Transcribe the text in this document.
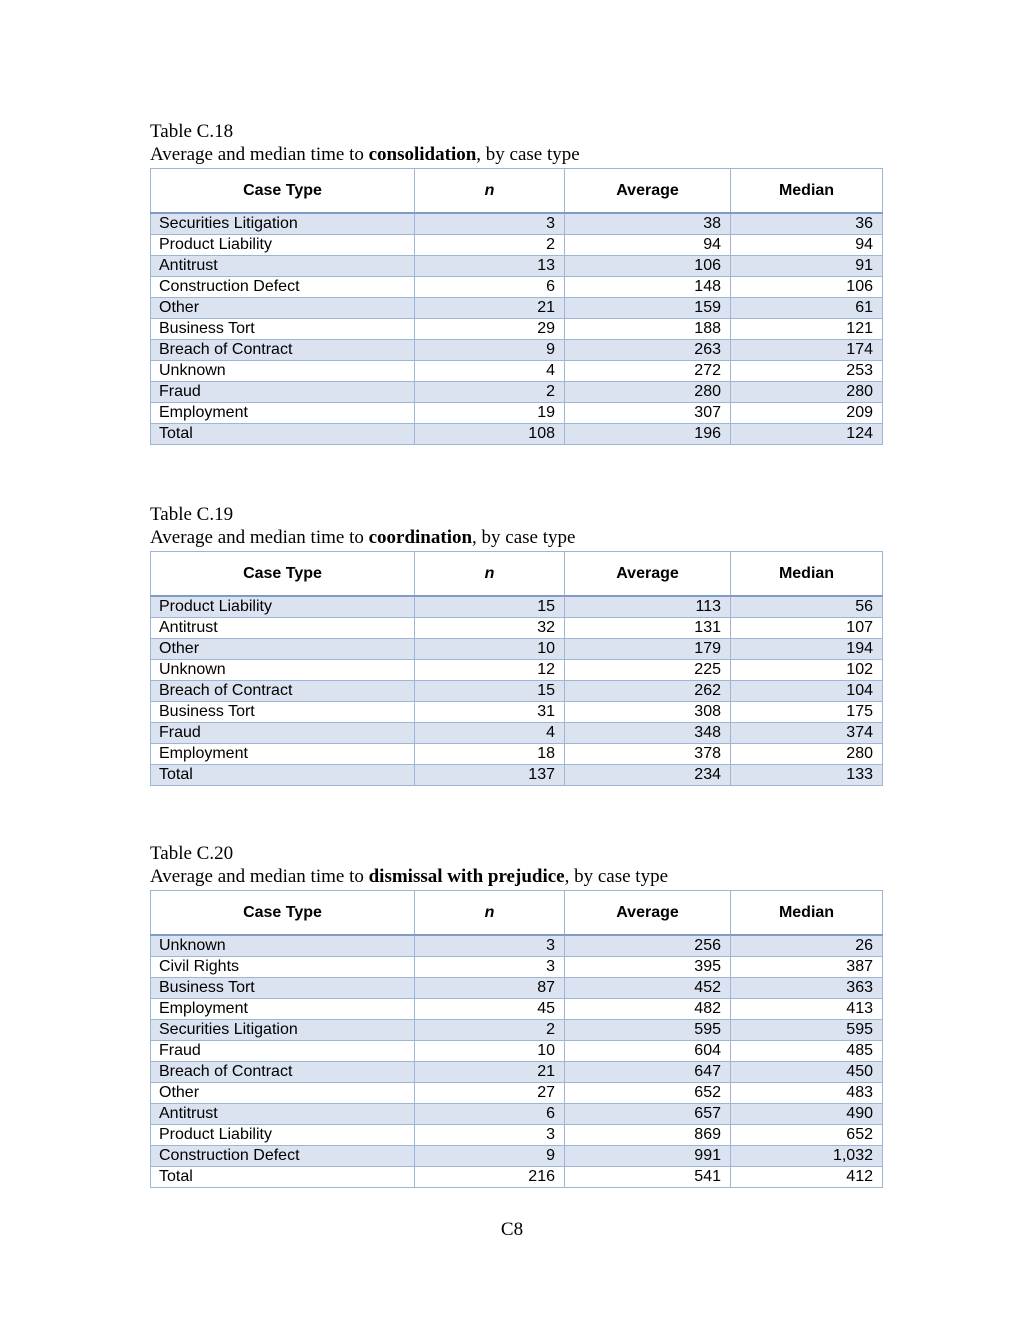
Table C.18

Average and median time to consolidation, by case type

Case Type	n	Average	Median
Securities Litigation	3	38	36
Product Liability	2	94	94
Antitrust	13	106	91
Construction Defect	6	148	106
Other	21	159	61
Business Tort	29	188	121
Breach of Contract	9	263	174
Unknown	4	272	253
Fraud	2	280	280
Employment	19	307	209
Total	108	196	124

Table C.19

Average and median time to coordination, by case type

Case Type	n	Average	Median
Product Liability	15	113	56
Antitrust	32	131	107
Other	10	179	194
Unknown	12	225	102
Breach of Contract	15	262	104
Business Tort	31	308	175
Fraud	4	348	374
Employment	18	378	280
Total	137	234	133

Table C.20

Average and median time to dismissal with prejudice, by case type

Case Type	n	Average	Median
Unknown	3	256	26
Civil Rights	3	395	387
Business Tort	87	452	363
Employment	45	482	413
Securities Litigation	2	595	595
Fraud	10	604	485
Breach of Contract	21	647	450
Other	27	652	483
Antitrust	6	657	490
Product Liability	3	869	652
Construction Defect	9	991	1,032
Total	216	541	412
C8
